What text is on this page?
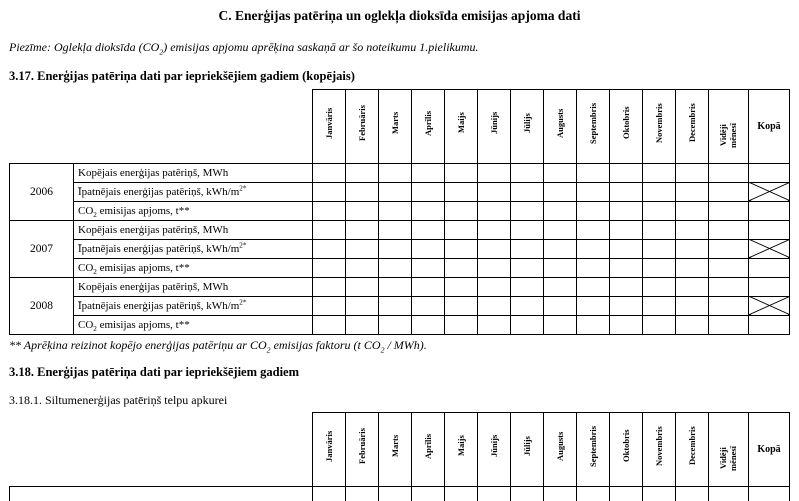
C. Enerģijas patēriņa un oglekļa dioksīda emisijas apjoma dati
Piezīme: Oglekļa dioksīda $(CO_2)$ emisijas apjomu aprēķina saskaņā ar šo noteikumu 1.pielikumu.
3.17. Enerģijas patēriņa dati par iepriekšējiem gadiem (kopējais)
		Janvāris	Februāris	Marts	Aprīlis	Maijs	Jūnijs	Jūlijs	Augusts	Septembris	Oktobris	Novembris	Decembris	Vidēji mēnesī	Kopā
2006	Kopējais enerģijas patēriņš, MWh														
	Īpatnējais enerģijas patēriņš, kWh/$m^{2*}$														
	$CO_2$ emisijas apjoms, t**														
2007	Kopējais enerģijas patēriņš, MWh														
	Īpatnējais enerģijas patēriņš, kWh/$m^{2*}$														
	$CO_2$ emisijas apjoms, t**														
2008	Kopējais enerģijas patēriņš, MWh														
	Īpatnējais enerģijas patēriņš, kWh/$m^{2*}$														
	$CO_2$ emisijas apjoms, t**														
** Aprēķina reizinot kopējo enerģijas patēriņu ar $CO_2$ emisijas faktoru (t $CO_2 / MWh$).
3.18. Enerģijas patēriņa dati par iepriekšējiem gadiem
3.18.1. Siltumenerģijas patēriņš telpu apkurei
	Janvāris	Februāris	Marts	Aprīlis	Maijs	Jūnijs	Jūlijs	Augusts	Septembris	Oktobris	Novembris	Decembris	Vidēji mēnesī	Kopā
